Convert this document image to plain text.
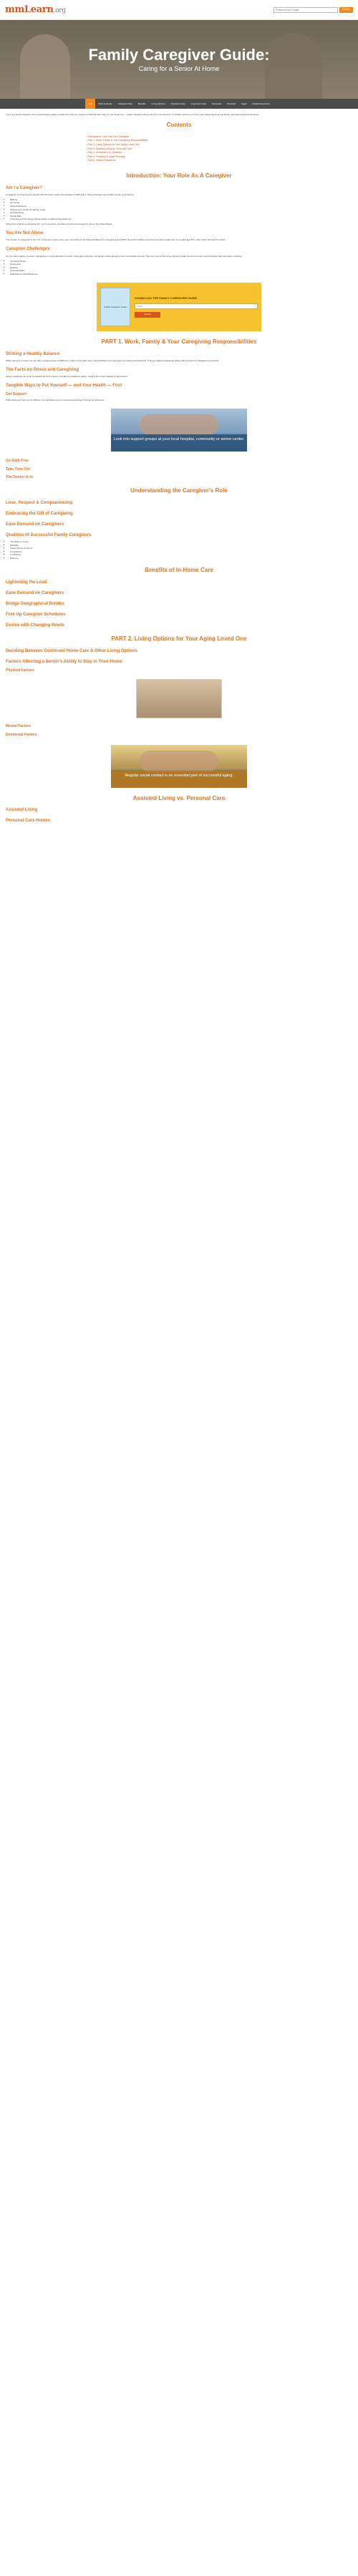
mmLearn.org
Enhanced by Google	Search
Family Caregiver Guide:
Caring for a Senior At Home
Intro	Work & Family	Caregiver Role	Benefits	Living Options	Assisted Living	Long Term Care	Dementia	Financial	Legal	Helpful Resources

If you're a family caregiver, this comprehensive guide provides the tools you need to provide the best care for your loved one — while managing stress and time commitments. It includes sections on home care, balancing work and family, and legal and financial issues.

Contents
• Introduction: Your Role As A Caregiver
• Part 1: Work, Family & Your Caregiving Responsibilities
• Part 2: Living Options for Your Aging Loved One
• Part 3: Assisted Living vs. Personal Care
• Part 4: Alzheimer's & Dementia
• Part 5: Financial & Legal Planning
• Part 6: Helpful Resources
Introduction: Your Role As A Caregiver
Am I a Caregiver?

A caregiver is someone who assists with the basic needs and activities of daily living. These activities may include but are not limited to:

• Bathing
• Grooming
• Hiring Assistance
• Shopping for and/or Preparing meals
• Housekeeping
• Paying Bills
• Arranging and Providing Transportation to Medical Appointments

If this list is a full-time caregiving job, you're not alone. Families provide most long-term care in the United States.

You Are Not Alone

The number of caregivers in the U.S. continues to grow every year. According to the National Alliance for Caregiving and AARP, about 34.2 million Americans provided unpaid care to an adult age 50 or older within the last 12 months.

Caregiver Challenges

For the vast majority of people, caregiving is not a profession. As such, many also work their normal jobs while caring for their own families as well. This can prove to be trying, and can create some commonly reported issues that may arise, including:

• Increased Stress
• Depression
• Isolation
• Financial Strain
• Difficulties at Work/Absences
Family Caregiver Guide
DOWNLOAD THE FAMILY CAREGIVER GUIDE
Email
Submit
PART 1. Work, Family & Your Caregiving Responsibilities
Striking a Healthy Balance

While caring for a loved one can offer a unique sense of fulfillment, it also comes with many responsibilities and may leave you feeling overwhelmed. Trying to balance caregiving duties with employment obligations is stressful.

The Facts on Stress and Caregiving

Family caregivers are at an increased risk for a number of health and wellness issues, ranging from heart disease to depression.

Tangible Ways to Put Yourself — and Your Health — First
Get Support

While asking for help can be difficult, it's a significant part of overcoming feelings of being overwhelmed.

Look into support groups at your local hospital, community or senior center.
Go Guilt-Free
Take Time Out
The Doctor Is In
Understanding the Caregiver's Role
Love, Respect & Companionship
Embracing the Gift of Caregiving
Ease Demand on Caregivers
Qualities of Successful Family Caregivers
• The ability to 'let go'
• Flexibility
• Strong Sense of Humor
• Compassion
• Confidence
• Patience
Benefits of In-Home Care
Lightening the Load
Ease Demand on Caregivers
Bridge Geographical Divides
Free Up Caregiver Schedules
Evolve with Changing Needs
PART 2. Living Options for Your Aging Loved One
Deciding Between Continued Home Care & Other Living Options
Factors Affecting a Senior's Ability to Stay in Their Home
Physical Factors
Mental Factors
Emotional Factors
Regular social contact is an essential part of successful aging.
Assisted Living vs. Personal Care
Assisted Living
Personal Care Homes
